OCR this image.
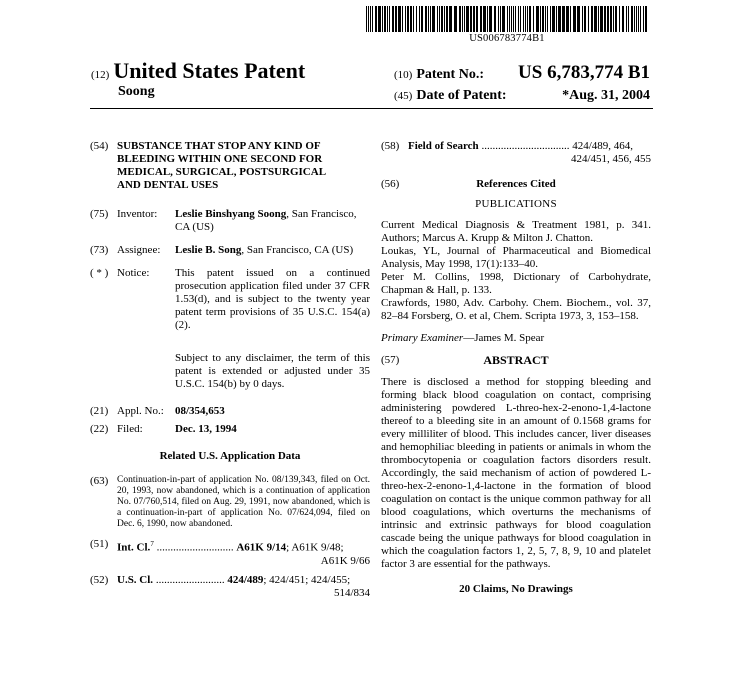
US006783774B1
(12) United States Patent
Soong
(10) Patent No.: US 6,783,774 B1
(45) Date of Patent:	*Aug. 31, 2004
(54) SUBSTANCE THAT STOP ANY KIND OF BLEEDING WITHIN ONE SECOND FOR MEDICAL, SURGICAL, POSTSURGICAL AND DENTAL USES
(75) Inventor:	Leslie Binshyang Soong, San Francisco, CA (US)
(73) Assignee:	Leslie B. Song, San Francisco, CA (US)
( * ) Notice:	This patent issued on a continued prosecution application filed under 37 CFR 1.53(d), and is subject to the twenty year patent term provisions of 35 U.S.C. 154(a)(2).
Subject to any disclaimer, the term of this patent is extended or adjusted under 35 U.S.C. 154(b) by 0 days.
(21) Appl. No.:	08/354,653
(22) Filed:	Dec. 13, 1994
Related U.S. Application Data
(63) Continuation-in-part of application No. 08/139,343, filed on Oct. 20, 1993, now abandoned, which is a continuation of application No. 07/760,514, filed on Aug. 29, 1991, now abandoned, which is a continuation-in-part of application No. 07/624,094, filed on Dec. 6, 1990, now abandoned.
(51) Int. Cl.$^7$ ............................ A61K 9/14; A61K 9/48;
A61K 9/66
(52) U.S. Cl. ......................... 424/489; 424/451; 424/455;
514/834
(58) Field of Search ................................ 424/489, 464,
424/451, 456, 455
(56)	References Cited
PUBLICATIONS
Current Medical Diagnosis & Treatment 1981, p. 341. Authors; Marcus A. Krupp & Milton J. Chatton.
Loukas, YL, Journal of Pharmaceutical and Biomedical Analysis, May 1998, 17(1):133–40.
Peter M. Collins, 1998, Dictionary of Carbohydrate, Chapman & Hall, p. 133.
Crawfords, 1980, Adv. Carbohy. Chem. Biochem., vol. 37, 82–84 Forsberg, O. et al, Chem. Scripta 1973, 3, 153–158.
Primary Examiner—James M. Spear
(57)	ABSTRACT
There is disclosed a method for stopping bleeding and forming black blood coagulation on contact, comprising administering powdered L-threo-hex-2-enono-1,4-lactone thereof to a bleeding site in an amount of 0.1568 grams for every milliliter of blood. This includes cancer, liver diseases and hemophiliac bleeding in patients or animals in whom the thrombocytopenia or coagulation factors disorders result. Accordingly, the said mechanism of action of powdered L-threo-hex-2-enono-1,4-lactone in the formation of blood coagulation on contact is the unique common pathway for all blood coagulations, which overturns the mechanisms of intrinsic and extrinsic pathways for blood coagulation cascade being the unique pathways for blood coagulation in which the coagulation factors 1, 2, 5, 7, 8, 9, 10 and platelet factor 3 are essential for the pathways.
20 Claims, No Drawings
